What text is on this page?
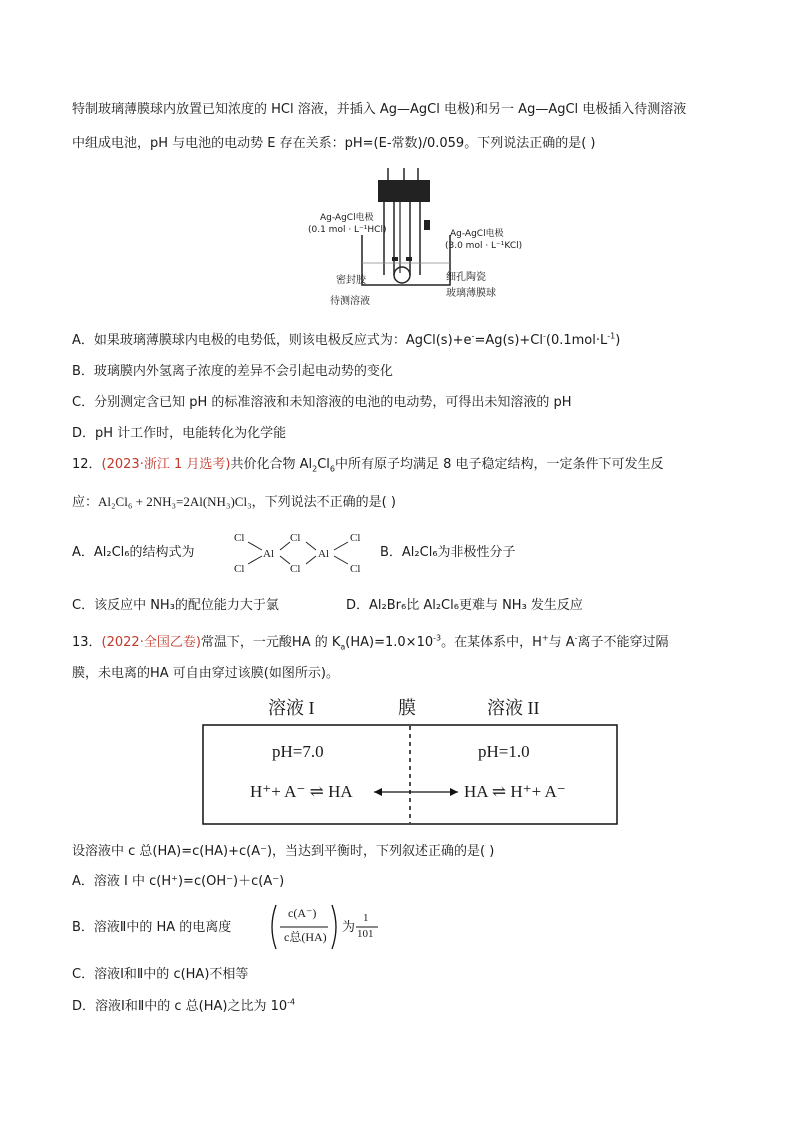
特制玻璃薄膜球内放置已知浓度的 HCl 溶液，并插入 Ag—AgCl 电极)和另一 Ag—AgCl 电极插入待测溶液
中组成电池，pH 与电池的电动势 E 存在关系：pH=(E-常数)/0.059。下列说法正确的是( )
Ag-AgCl电极
(0.1 mol · L⁻¹HCl)	Ag-AgCl电极
(3.0 mol · L⁻¹KCl)
密封胶
待测溶液
细孔陶瓷
玻璃薄膜球
A．如果玻璃薄膜球内电极的电势低，则该电极反应式为：$AgCl(s)+e^-=Ag(s)+Cl^-(0.1mol\cdot L^{-1})$
B．玻璃膜内外氢离子浓度的差异不会引起电动势的变化
C．分别测定含已知 pH 的标准溶液和未知溶液的电池的电动势，可得出未知溶液的 pH
D．pH 计工作时，电能转化为化学能
12．(2023·浙江 1 月选考)共价化合物 $Al_2Cl_6$中所有原子均满足 8 电子稳定结构，一定条件下可发生反
应：Al₂Cl₆ + 2NH₃=2Al(NH₃)Cl₃，下列说法不正确的是( )
A．Al₂Cl₆的结构式为
Cl
Cl
Al
Cl
Cl
Al
Cl
Cl
B．Al₂Cl₆为非极性分子
C．该反应中 NH₃的配位能力大于氯	D．Al₂Br₆比 Al₂Cl₆更难与 NH₃ 发生反应
13．(2022·全国乙卷)常温下，一元酸HA 的 $K_a(HA)=1.0\times 10^{-3}$。在某体系中，H+与 A-离子不能穿过隔
膜，未电离的HA 可自由穿过该膜(如图所示)。
溶液 I	膜	溶液 II
pH=7.0	pH=1.0
H⁺+ A⁻ ⇌ HA	HA ⇌ H⁺+ A⁻
设溶液中 c 总(HA)=c(HA)+c(A⁻)，当达到平衡时，下列叙述正确的是( )
A．溶液 I 中 c(H⁺)=c(OH⁻)＋c(A⁻)
B．溶液Ⅱ中的 HA 的电离度
c(A⁻)
c总(HA)
为
1
101
C．溶液Ⅰ和Ⅱ中的 c(HA)不相等
D．溶液Ⅰ和Ⅱ中的 c 总(HA)之比为 $10^{-4}$
